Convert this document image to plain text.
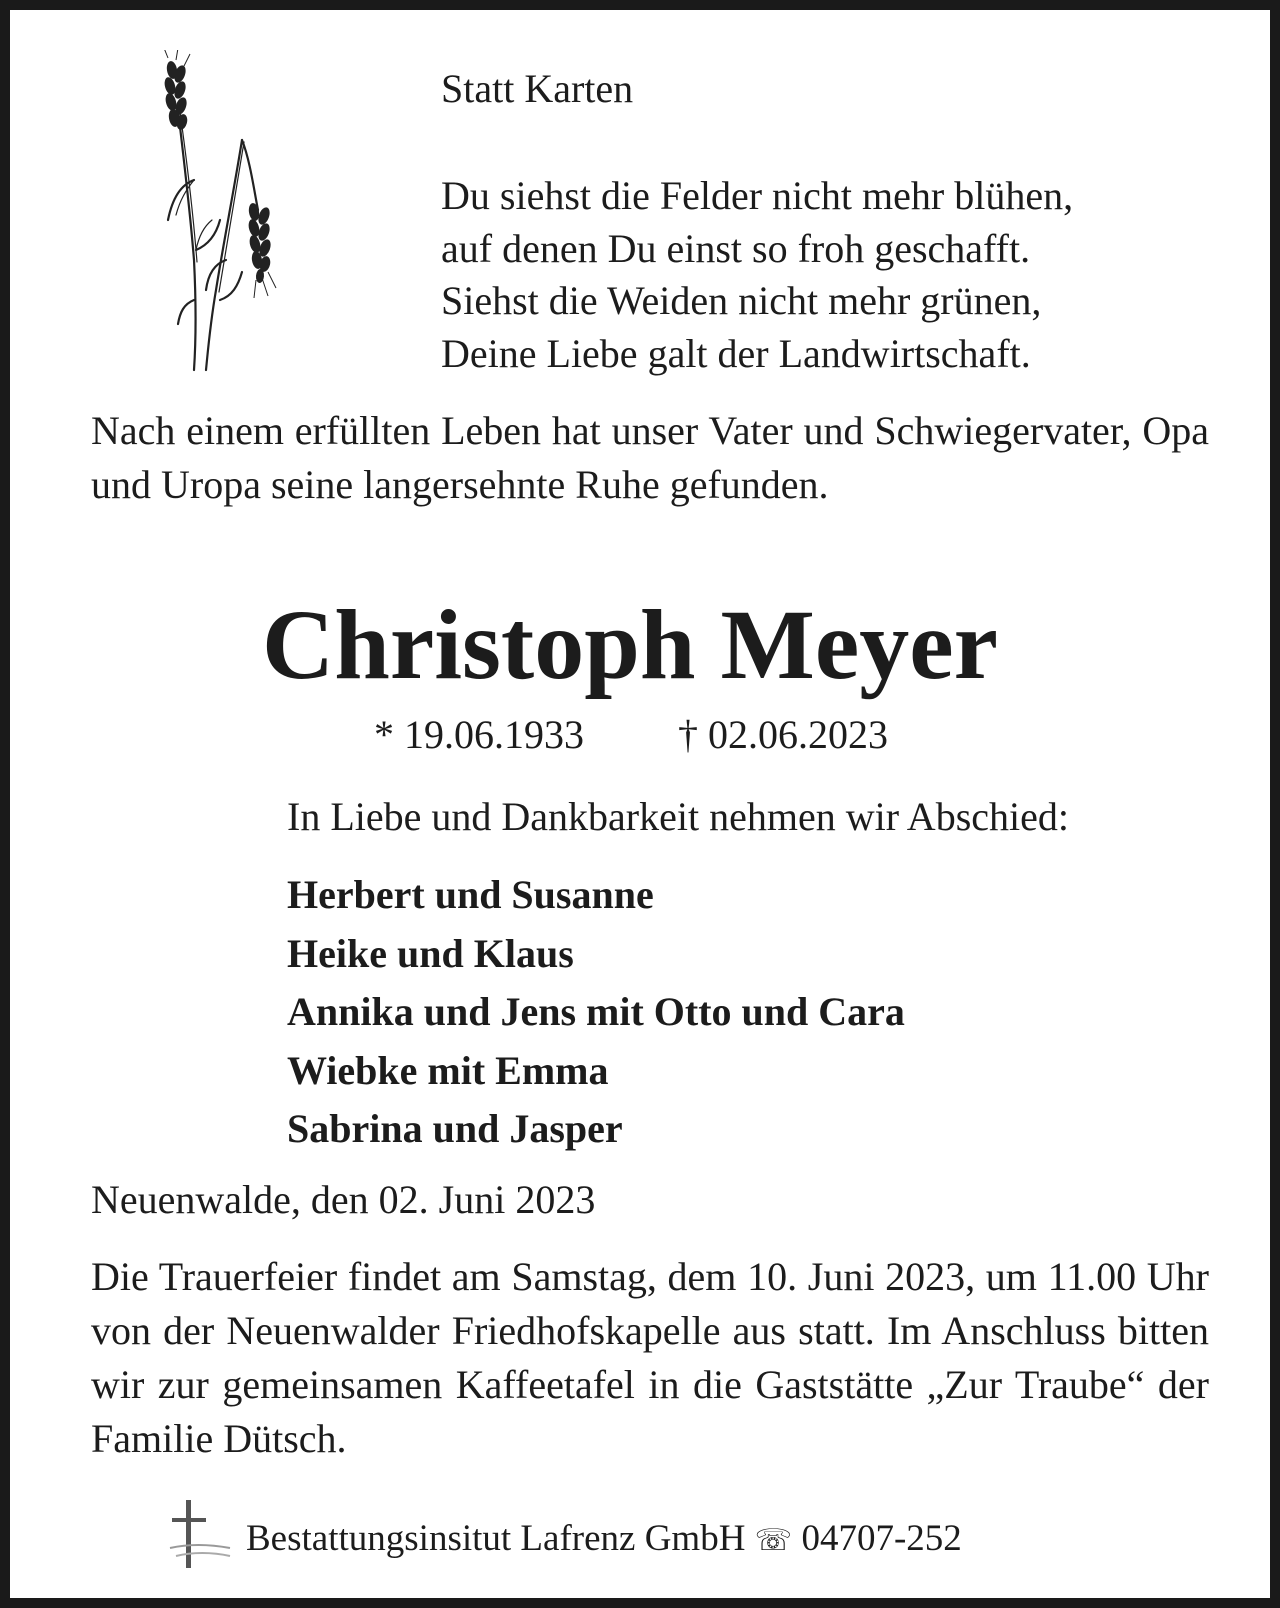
Statt Karten
Du siehst die Felder nicht mehr blühen,
auf denen Du einst so froh geschafft.
Siehst die Weiden nicht mehr grünen,
Deine Liebe galt der Landwirtschaft.
Nach einem erfüllten Leben hat unser Vater und Schwiegervater, Opa und Uropa seine langersehnte Ruhe gefunden.
Christoph Meyer
* 19.06.1933 † 02.06.2023
In Liebe und Dankbarkeit nehmen wir Abschied:
Herbert und Susanne
Heike und Klaus
Annika und Jens mit Otto und Cara
Wiebke mit Emma
Sabrina und Jasper
Neuenwalde, den 02. Juni 2023
Die Trauerfeier findet am Samstag, dem 10. Juni 2023, um 11.00 Uhr von der Neuenwalder Friedhofskapelle aus statt. Im Anschluss bitten wir zur gemeinsamen Kaffeetafel in die Gaststätte „Zur Traube“ der Familie Dütsch.
Bestattungsinsitut Lafrenz GmbH ☏ 04707-252
